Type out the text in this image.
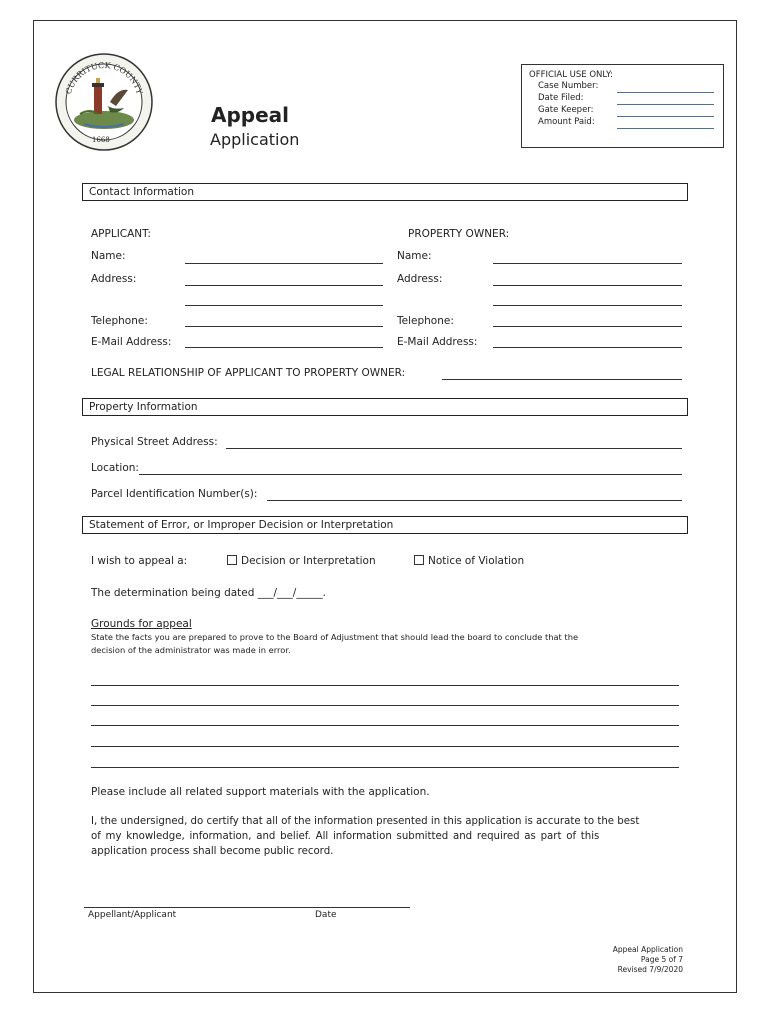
CURRITUCK COUNTY
1668
Appeal
Application
OFFICIAL USE ONLY:
Case Number:
Date Filed:
Gate Keeper:
Amount Paid:
Contact Information
APPLICANT:	PROPERTY OWNER:
Name:	Name:
Address:	Address:
Telephone:	Telephone:
E-Mail Address:	E-Mail Address:
LEGAL RELATIONSHIP OF APPLICANT TO PROPERTY OWNER:
Property Information
Physical Street Address:
Location:
Parcel Identification Number(s):
Statement of Error, or Improper Decision or Interpretation
I wish to appeal a:	Decision or Interpretation	Notice of Violation
The determination being dated ___/___/_____.
Grounds for appeal
State the facts you are prepared to prove to the Board of Adjustment that should lead the board to conclude that the
decision of the administrator was made in error.
Please include all related support materials with the application.
I, the undersigned, do certify that all of the information presented in this application is accurate to the best
of my knowledge, information, and belief. All information submitted and required as part of this
application process shall become public record.
Appellant/Applicant	Date
Appeal Application
Page 5 of 7
Revised 7/9/2020
